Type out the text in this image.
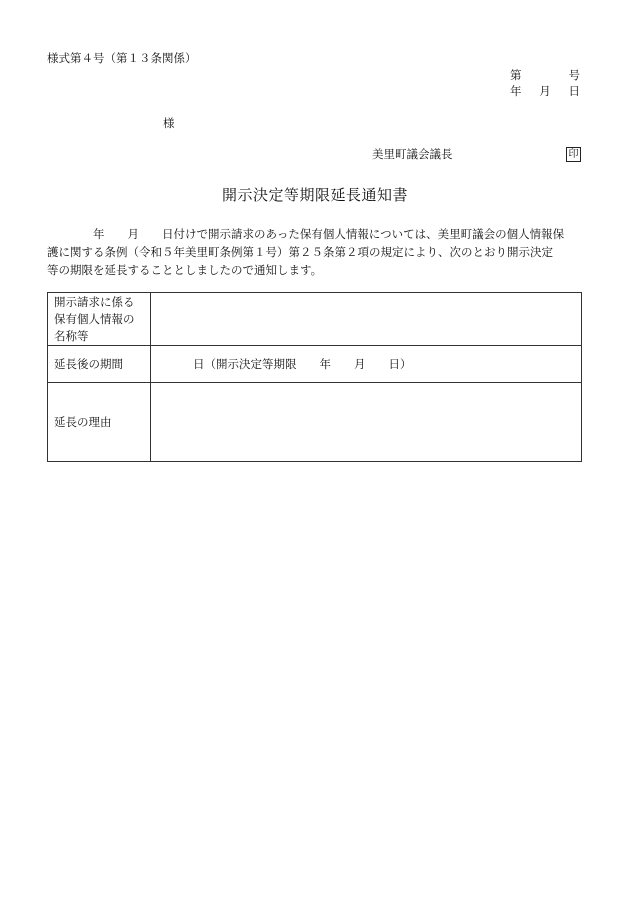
様式第４号（第１３条関係）
第	号
年 月 日
様
美里町議会議長	印
開示決定等期限延長通知書
　　　　年　　月　　日付けで開示請求のあった保有個人情報については、美里町議会の個人情報保
護に関する条例（令和５年美里町条例第１号）第２５条第２項の規定により、次のとおり開示決定
等の期限を延長することとしましたので通知します。
開示請求に係る
保有個人情報の
名称等	

延長後の期間	日（開示決定等期限　　年　　月　　日）
延長の理由	
